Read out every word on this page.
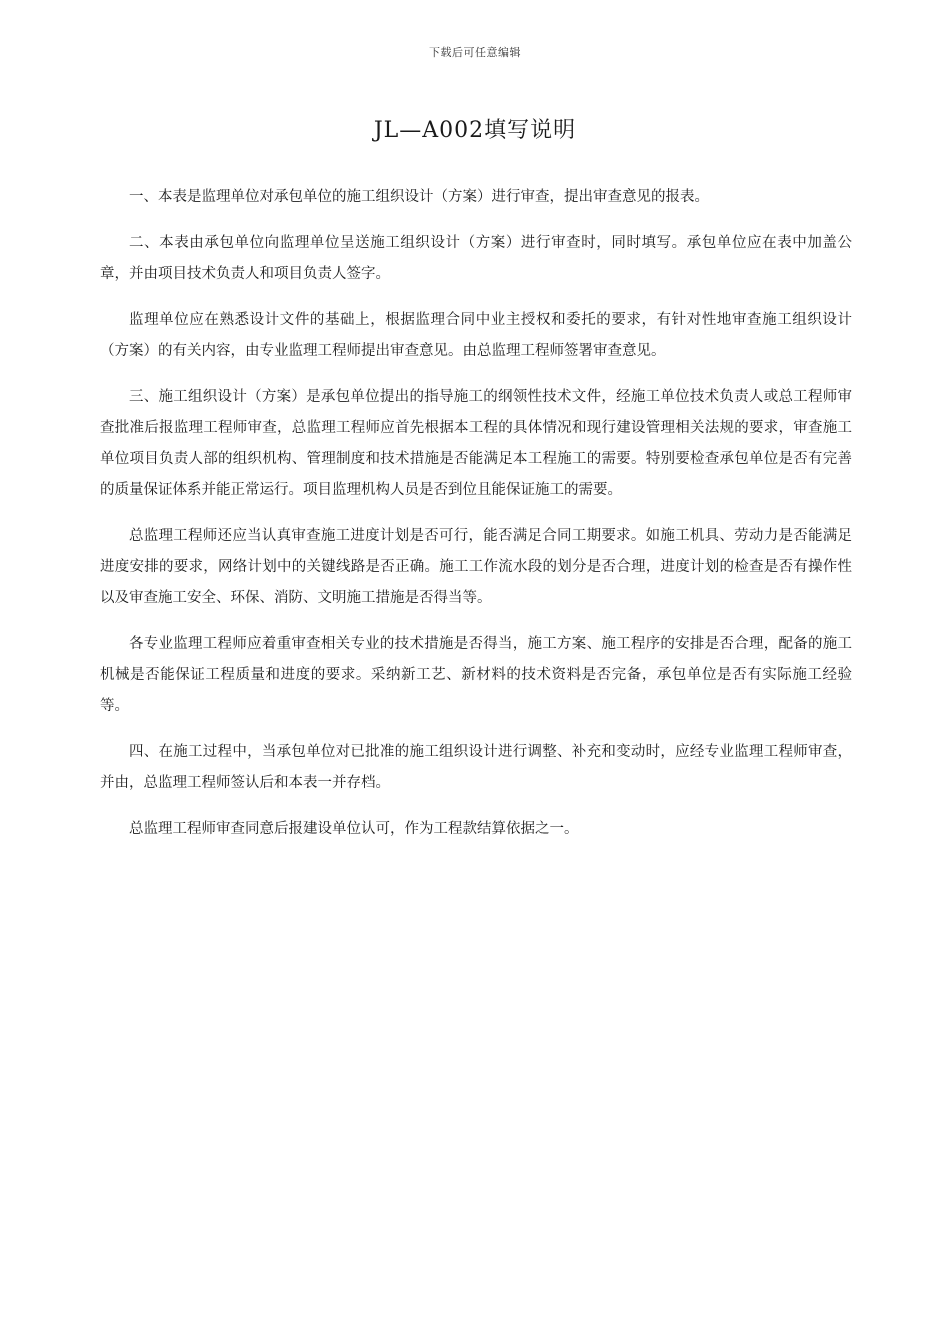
下载后可任意编辑
JL—A002填写说明

一、本表是监理单位对承包单位的施工组织设计（方案）进行审查，提出审查意见的报表。

二、本表由承包单位向监理单位呈送施工组织设计（方案）进行审查时，同时填写。承包单位应在表中加盖公章，并由项目技术负责人和项目负责人签字。

监理单位应在熟悉设计文件的基础上，根据监理合同中业主授权和委托的要求，有针对性地审查施工组织设计（方案）的有关内容，由专业监理工程师提出审查意见。由总监理工程师签署审查意见。

三、施工组织设计（方案）是承包单位提出的指导施工的纲领性技术文件，经施工单位技术负责人或总工程师审查批准后报监理工程师审查，总监理工程师应首先根据本工程的具体情况和现行建设管理相关法规的要求，审查施工单位项目负责人部的组织机构、管理制度和技术措施是否能满足本工程施工的需要。特别要检查承包单位是否有完善的质量保证体系并能正常运行。项目监理机构人员是否到位且能保证施工的需要。

总监理工程师还应当认真审查施工进度计划是否可行，能否满足合同工期要求。如施工机具、劳动力是否能满足进度安排的要求，网络计划中的关键线路是否正确。施工工作流水段的划分是否合理，进度计划的检查是否有操作性以及审查施工安全、环保、消防、文明施工措施是否得当等。

各专业监理工程师应着重审查相关专业的技术措施是否得当，施工方案、施工程序的安排是否合理，配备的施工机械是否能保证工程质量和进度的要求。采纳新工艺、新材料的技术资料是否完备，承包单位是否有实际施工经验等。

四、在施工过程中，当承包单位对已批准的施工组织设计进行调整、补充和变动时，应经专业监理工程师审查，并由，总监理工程师签认后和本表一并存档。

总监理工程师审查同意后报建设单位认可，作为工程款结算依据之一。
